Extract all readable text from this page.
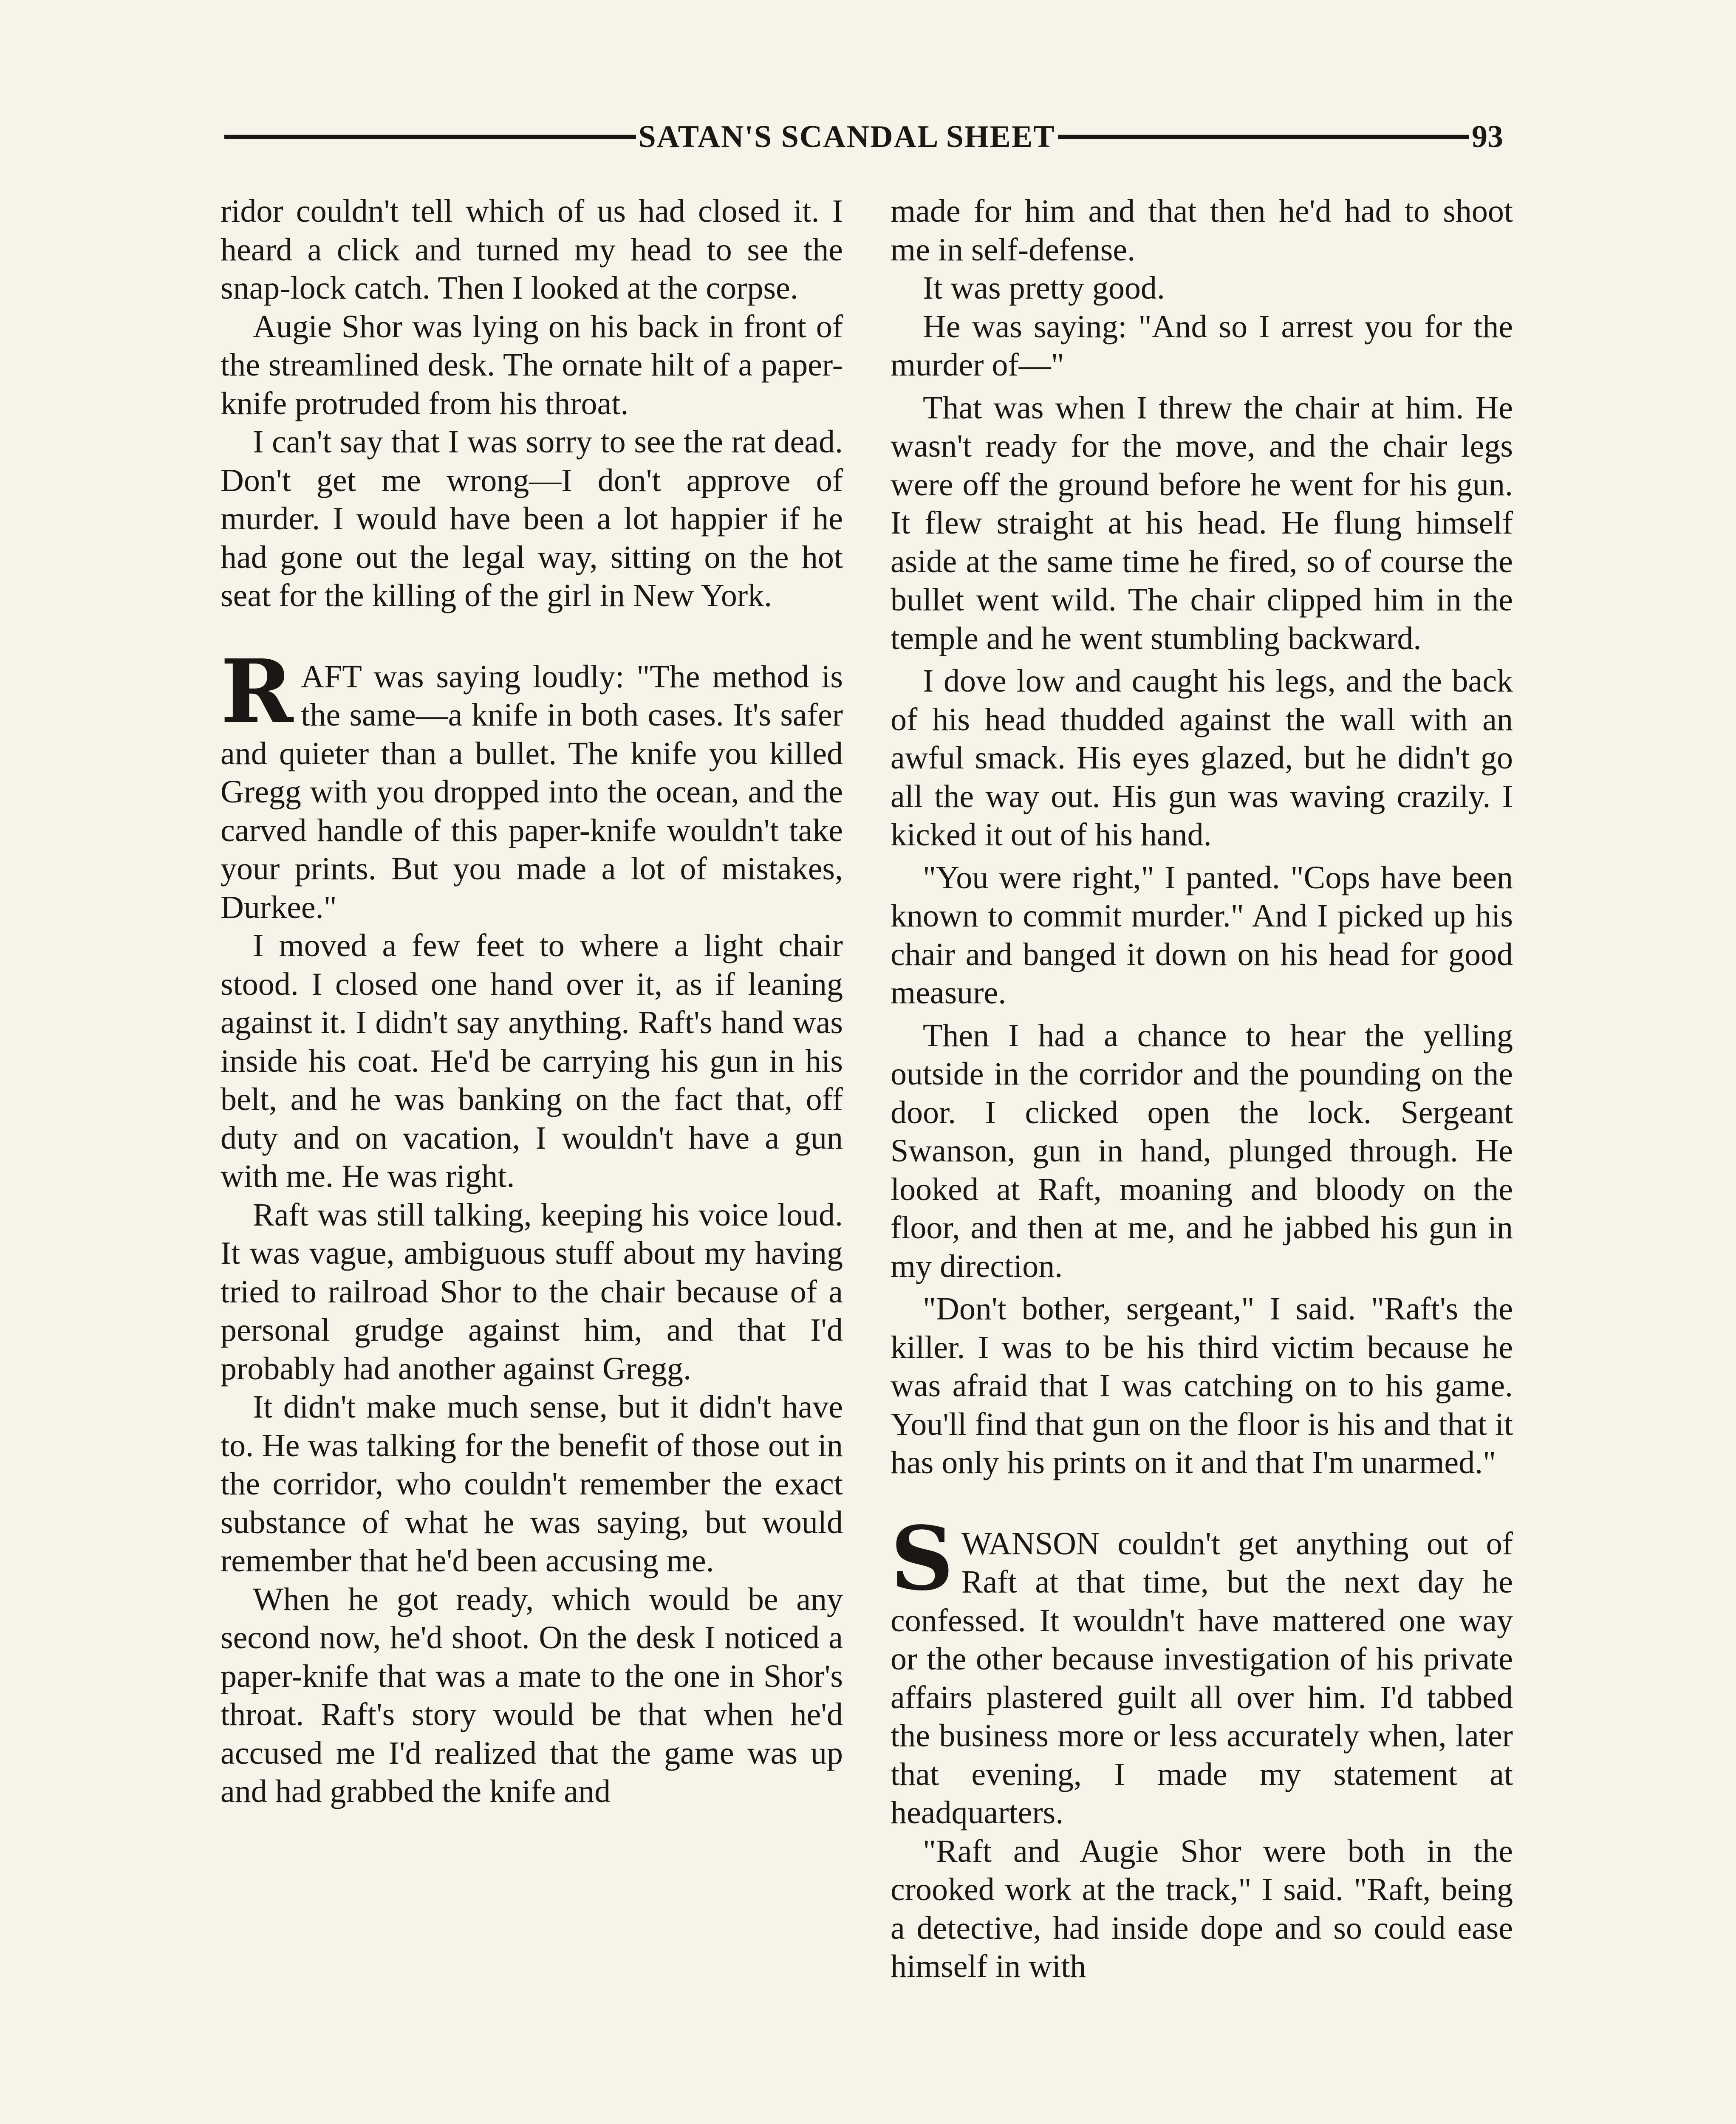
SATAN'S SCANDAL SHEET	93

ridor couldn't tell which of us had closed it. I heard a click and turned my head to see the snap-lock catch. Then I looked at the corpse.

Augie Shor was lying on his back in front of the streamlined desk. The ornate hilt of a paper-knife protruded from his throat.

I can't say that I was sorry to see the rat dead. Don't get me wrong—I don't approve of murder. I would have been a lot happier if he had gone out the legal way, sitting on the hot seat for the killing of the girl in New York.

RAFT was saying loudly: "The method is the same—a knife in both cases. It's safer and quieter than a bullet. The knife you killed Gregg with you dropped into the ocean, and the carved handle of this paper-knife wouldn't take your prints. But you made a lot of mistakes, Durkee."

I moved a few feet to where a light chair stood. I closed one hand over it, as if leaning against it. I didn't say anything. Raft's hand was inside his coat. He'd be carrying his gun in his belt, and he was banking on the fact that, off duty and on vacation, I wouldn't have a gun with me. He was right.

Raft was still talking, keeping his voice loud. It was vague, ambiguous stuff about my having tried to railroad Shor to the chair because of a personal grudge against him, and that I'd probably had another against Gregg.

It didn't make much sense, but it didn't have to. He was talking for the benefit of those out in the corridor, who couldn't remember the exact substance of what he was saying, but would remember that he'd been accusing me.

When he got ready, which would be any second now, he'd shoot. On the desk I noticed a paper-knife that was a mate to the one in Shor's throat. Raft's story would be that when he'd accused me I'd realized that the game was up and had grabbed the knife and

made for him and that then he'd had to shoot me in self-defense.

It was pretty good.

He was saying: "And so I arrest you for the murder of—"

That was when I threw the chair at him. He wasn't ready for the move, and the chair legs were off the ground before he went for his gun. It flew straight at his head. He flung himself aside at the same time he fired, so of course the bullet went wild. The chair clipped him in the temple and he went stumbling backward.

I dove low and caught his legs, and the back of his head thudded against the wall with an awful smack. His eyes glazed, but he didn't go all the way out. His gun was waving crazily. I kicked it out of his hand.

"You were right," I panted. "Cops have been known to commit murder." And I picked up his chair and banged it down on his head for good measure.

Then I had a chance to hear the yelling outside in the corridor and the pounding on the door. I clicked open the lock. Sergeant Swanson, gun in hand, plunged through. He looked at Raft, moaning and bloody on the floor, and then at me, and he jabbed his gun in my direction.

"Don't bother, sergeant," I said. "Raft's the killer. I was to be his third victim because he was afraid that I was catching on to his game. You'll find that gun on the floor is his and that it has only his prints on it and that I'm unarmed."

SWANSON couldn't get anything out of Raft at that time, but the next day he confessed. It wouldn't have mattered one way or the other because investigation of his private affairs plastered guilt all over him. I'd tabbed the business more or less accurately when, later that evening, I made my statement at headquarters.

"Raft and Augie Shor were both in the crooked work at the track," I said. "Raft, being a detective, had inside dope and so could ease himself in with
